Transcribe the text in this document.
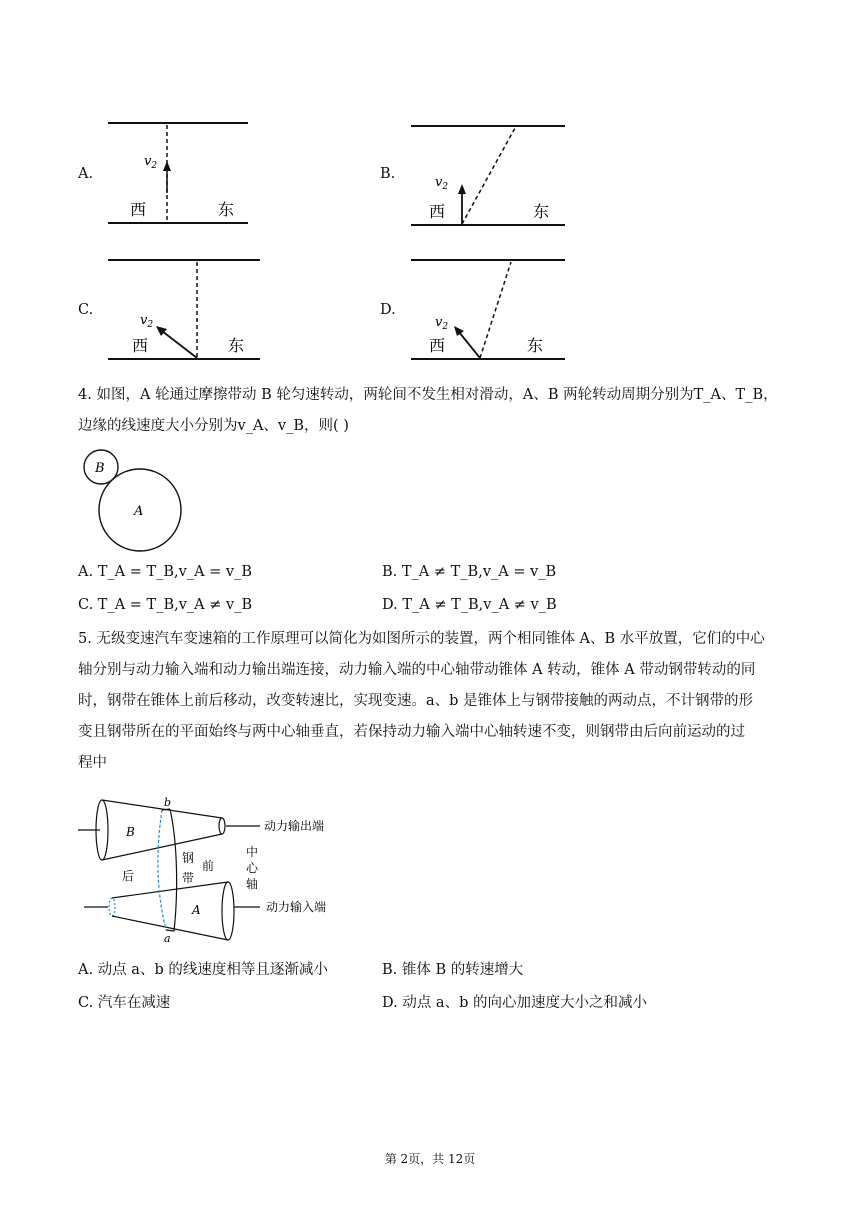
A.
$v_2$
西	东
B.
$v_2$
西	东
C.
$v_2$
西	东
D.
$v_2$
西	东
4. 如图，A 轮通过摩擦带动 B 轮匀速转动，两轮间不发生相对滑动，A、B 两轮转动周期分别为T_A、T_B，
边缘的线速度大小分别为v_A、v_B，则( )
A
B
A. T_A = T_B,v_A = v_B	B. T_A ≠ T_B,v_A = v_B
C. T_A = T_B,v_A ≠ v_B	D. T_A ≠ T_B,v_A ≠ v_B
5. 无级变速汽车变速箱的工作原理可以简化为如图所示的装置，两个相同锥体 A、B 水平放置，它们的中心
轴分别与动力输入端和动力输出端连接，动力输入端的中心轴带动锥体 A 转动，锥体 A 带动钢带转动的同
时，钢带在锥体上前后移动，改变转速比，实现变速。a、b 是锥体上与钢带接触的两动点，不计钢带的形
变且钢带所在的平面始终与两中心轴垂直，若保持动力输入端中心轴转速不变，则钢带由后向前运动的过
程中
b
a
B
A
后
钢
带
前
中
心
轴
动力输出端
动力输入端
A. 动点 a、b 的线速度相等且逐渐减小	B. 锥体 B 的转速增大
C. 汽车在减速	D. 动点 a、b 的向心加速度大小之和减小
第 2页，共 12页
